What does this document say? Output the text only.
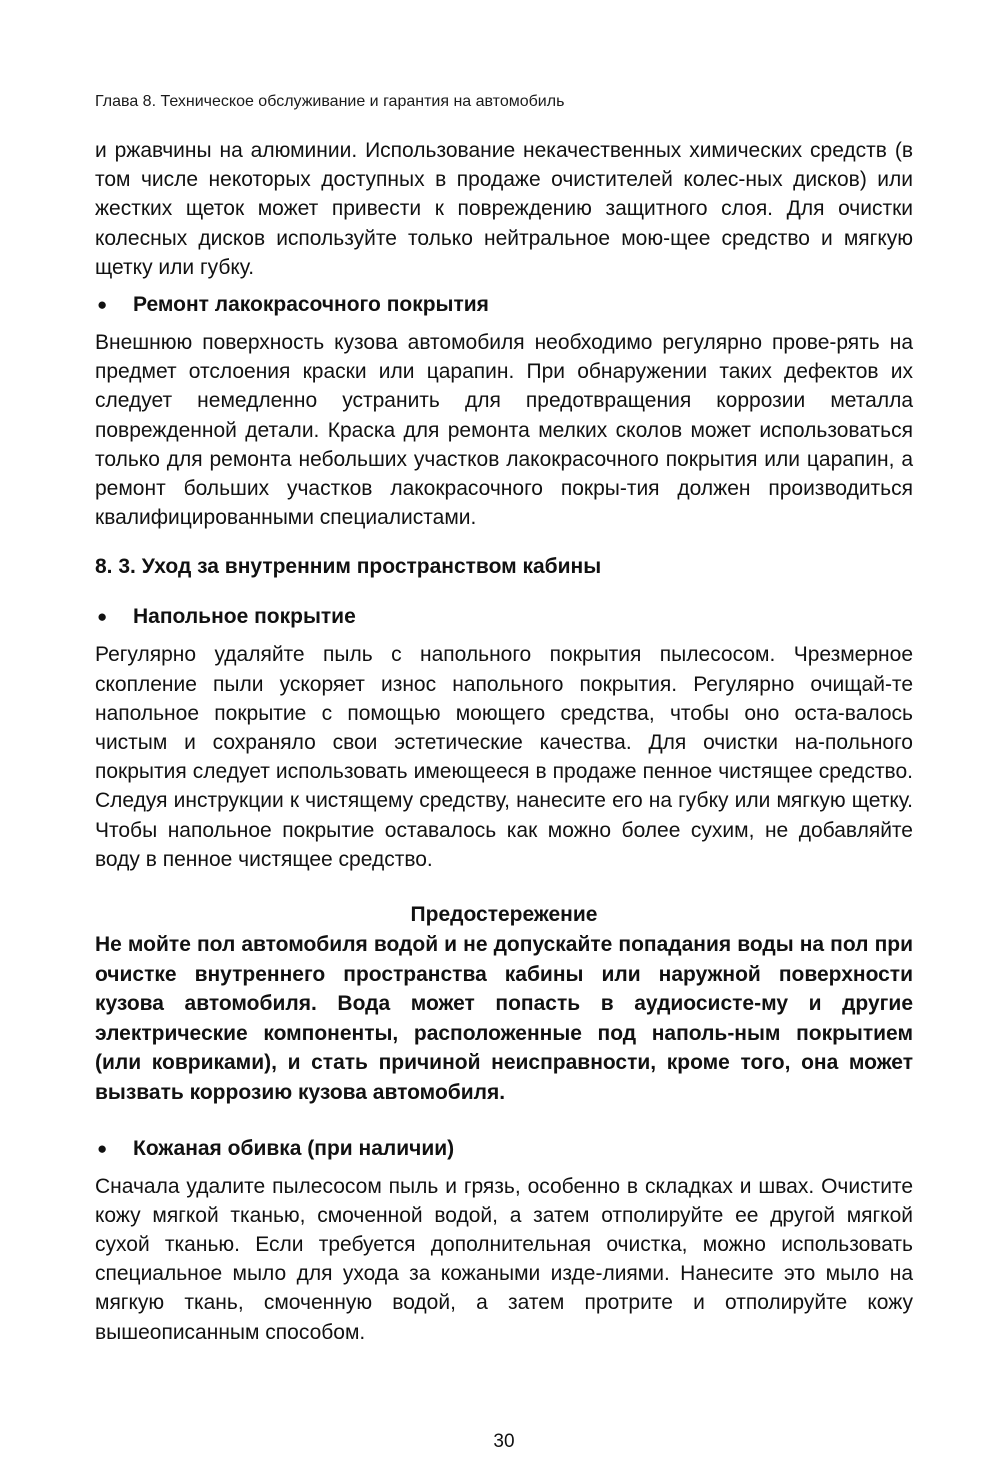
Глава 8. Техническое обслуживание и гарантия на автомобиль

и ржавчины на алюминии. Использование некачественных химических средств (в том числе некоторых доступных в продаже очистителей колес-ных дисков) или жестких щеток может привести к повреждению защитного слоя. Для очистки колесных дисков используйте только нейтральное мою-щее средство и мягкую щетку или губку.

● Ремонт лакокрасочного покрытия

Внешнюю поверхность кузова автомобиля необходимо регулярно прове-рять на предмет отслоения краски или царапин. При обнаружении таких дефектов их следует немедленно устранить для предотвращения коррозии металла поврежденной детали. Краска для ремонта мелких сколов может использоваться только для ремонта небольших участков лакокрасочного покрытия или царапин, а ремонт больших участков лакокрасочного покры-тия должен производиться квалифицированными специалистами.

8. 3. Уход за внутренним пространством кабины

● Напольное покрытие

Регулярно удаляйте пыль с напольного покрытия пылесосом. Чрезмерное скопление пыли ускоряет износ напольного покрытия. Регулярно очищай-те напольное покрытие с помощью моющего средства, чтобы оно оста-валось чистым и сохраняло свои эстетические качества. Для очистки на-польного покрытия следует использовать имеющееся в продаже пенное чистящее средство. Следуя инструкции к чистящему средству, нанесите его на губку или мягкую щетку. Чтобы напольное покрытие оставалось как можно более сухим, не добавляйте воду в пенное чистящее средство.

Предостережение

Не мойте пол автомобиля водой и не допускайте попадания воды на пол при очистке внутреннего пространства кабины или наружной поверхности кузова автомобиля. Вода может попасть в аудиосисте-му и другие электрические компоненты, расположенные под наполь-ным покрытием (или ковриками), и стать причиной неисправности, кроме того, она может вызвать коррозию кузова автомобиля.

● Кожаная обивка (при наличии)

Сначала удалите пылесосом пыль и грязь, особенно в складках и швах. Очистите кожу мягкой тканью, смоченной водой, а затем отполируйте ее другой мягкой сухой тканью. Если требуется дополнительная очистка, можно использовать специальное мыло для ухода за кожаными изде-лиями. Нанесите это мыло на мягкую ткань, смоченную водой, а затем протрите и отполируйте кожу вышеописанным способом.

30
